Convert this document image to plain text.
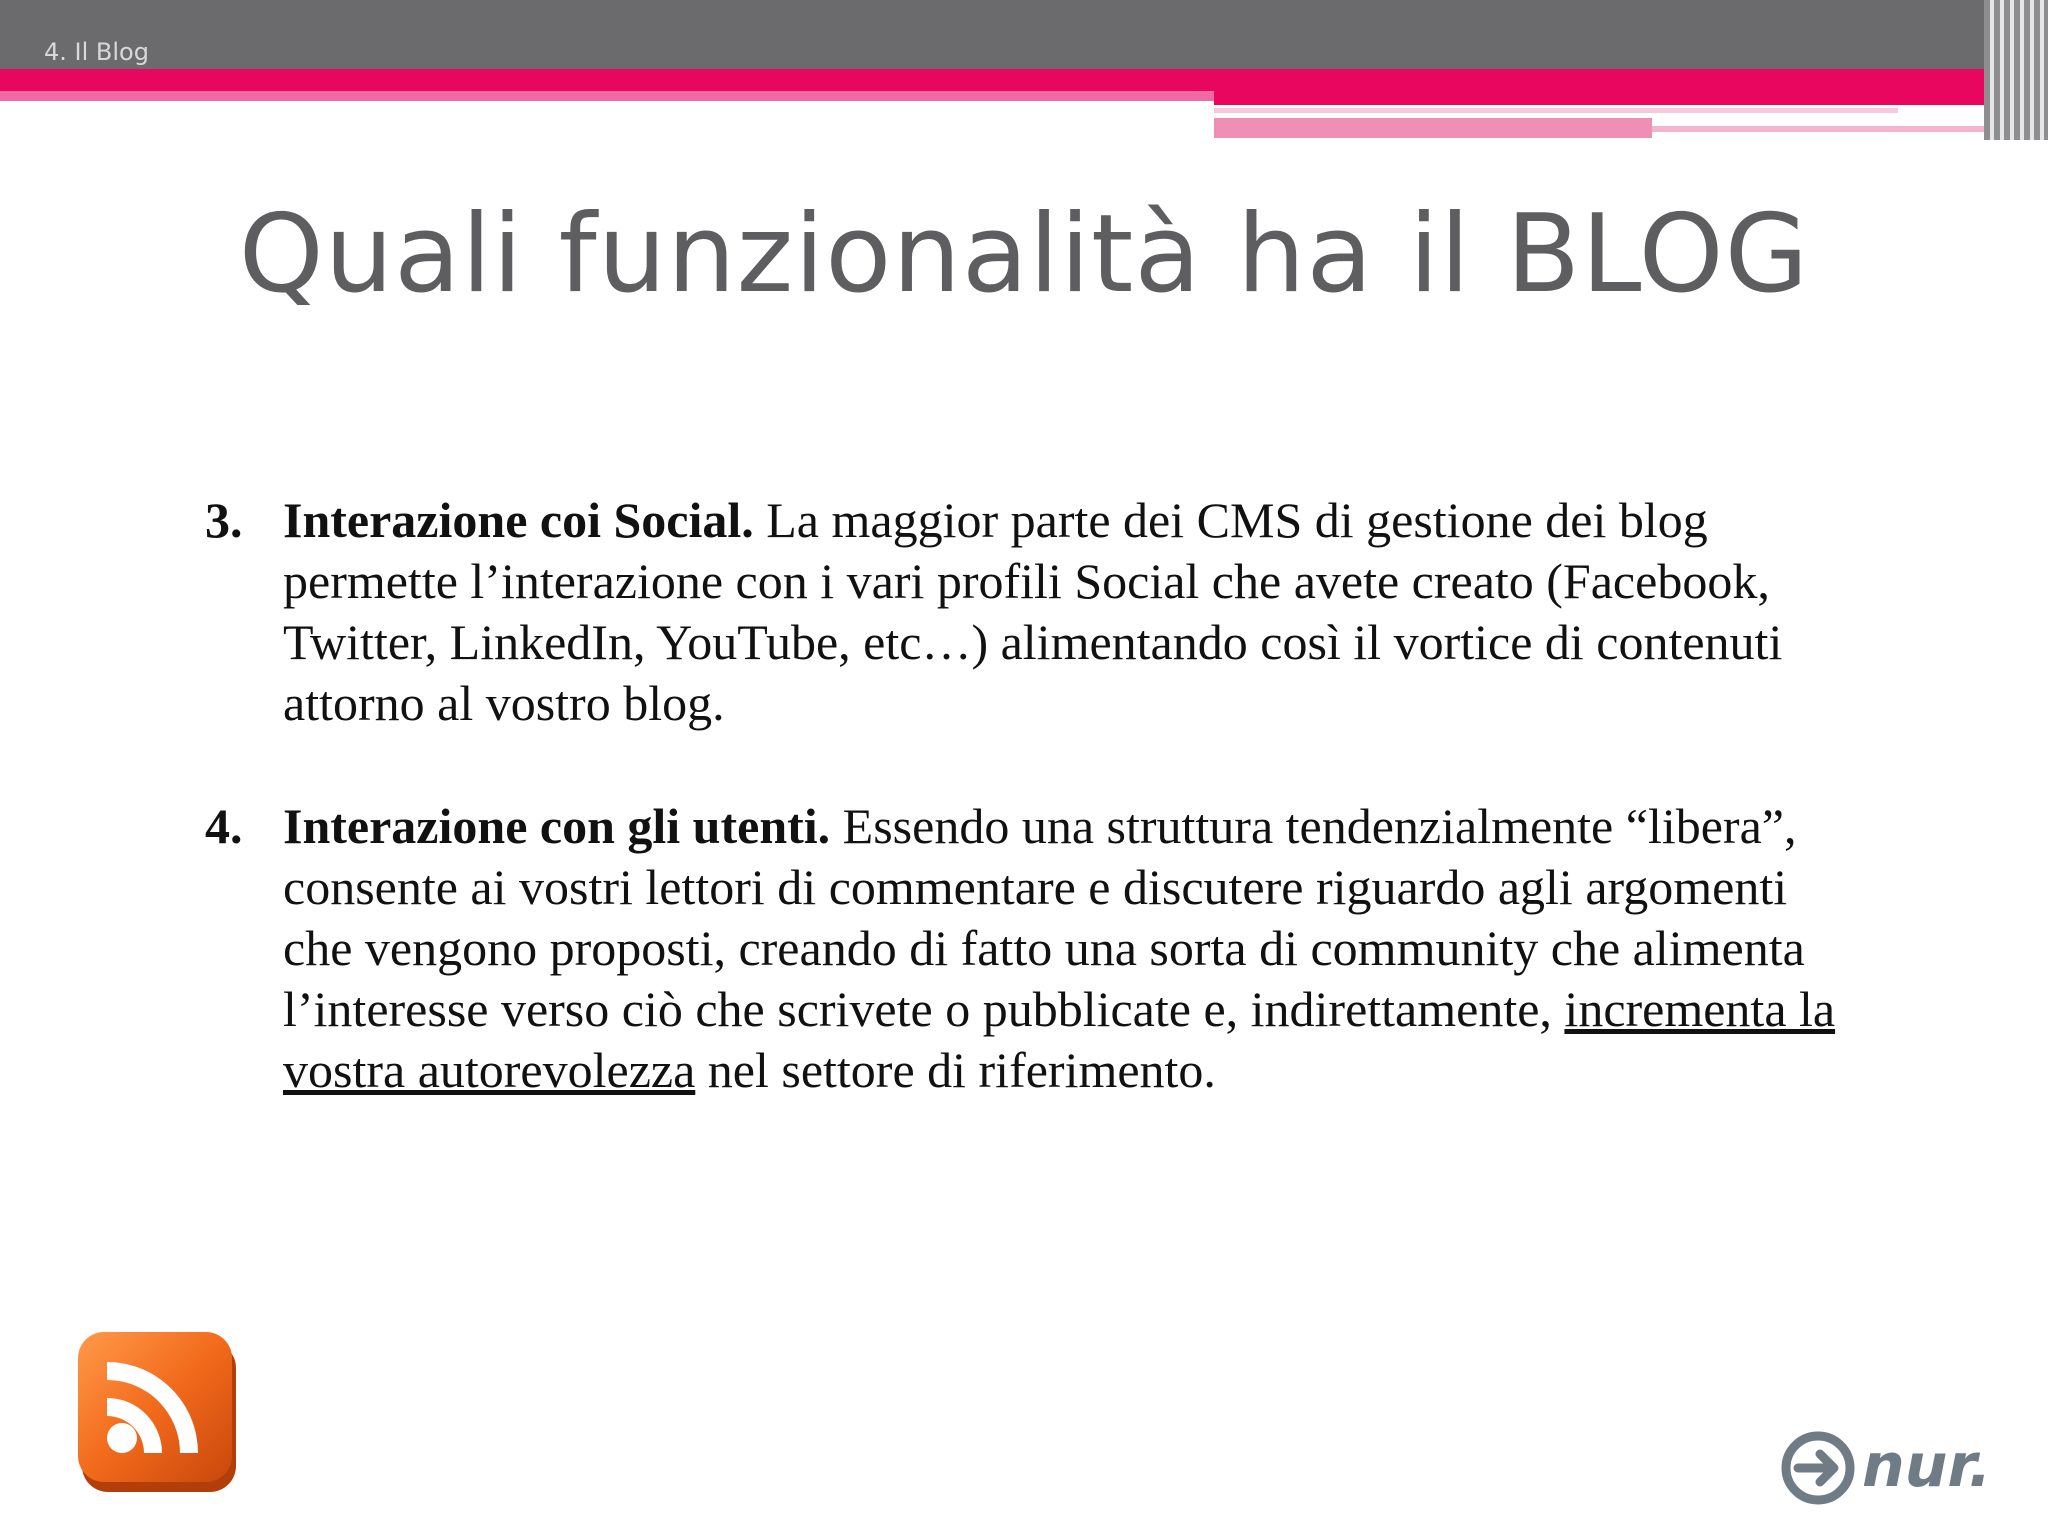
4. Il Blog
Quali funzionalità ha il BLOG
3. Interazione coi Social. La maggior parte dei CMS di gestione dei blog permette l’interazione con i vari profili Social che avete creato (Facebook, Twitter, LinkedIn, YouTube, etc…) alimentando così il vortice di contenuti attorno al vostro blog.
4. Interazione con gli utenti. Essendo una struttura tendenzialmente “libera”, consente ai vostri lettori di commentare e discutere riguardo agli argomenti che vengono proposti, creando di fatto una sorta di community che alimenta l’interesse verso ciò che scrivete o pubblicate e, indirettamente, incrementa la vostra autorevolezza nel settore di riferimento.
nur.
